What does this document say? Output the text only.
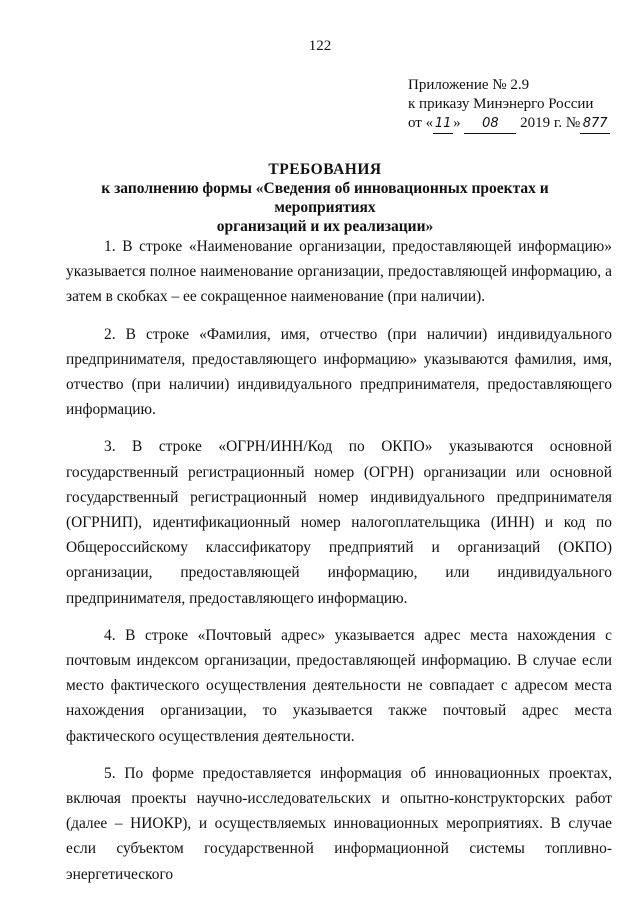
122
Приложение № 2.9
к приказу Минэнерго России
от « 11 » 08 2019 г. № 877
ТРЕБОВАНИЯ
к заполнению формы «Сведения об инновационных проектах и мероприятиях
организаций и их реализации»

1. В строке «Наименование организации, предоставляющей информацию» указывается полное наименование организации, предоставляющей информацию, а затем в скобках – ее сокращенное наименование (при наличии).

2. В строке «Фамилия, имя, отчество (при наличии) индивидуального предпринимателя, предоставляющего информацию» указываются фамилия, имя, отчество (при наличии) индивидуального предпринимателя, предоставляющего информацию.

3. В строке «ОГРН/ИНН/Код по ОКПО» указываются основной государственный регистрационный номер (ОГРН) организации или основной государственный регистрационный номер индивидуального предпринимателя (ОГРНИП), идентификационный номер налогоплательщика (ИНН) и код по Общероссийскому классификатору предприятий и организаций (ОКПО) организации, предоставляющей информацию, или индивидуального предпринимателя, предоставляющего информацию.

4. В строке «Почтовый адрес» указывается адрес места нахождения с почтовым индексом организации, предоставляющей информацию. В случае если место фактического осуществления деятельности не совпадает с адресом места нахождения организации, то указывается также почтовый адрес места фактического осуществления деятельности.

5. По форме предоставляется информация об инновационных проектах, включая проекты научно-исследовательских и опытно-конструкторских работ (далее – НИОКР), и осуществляемых инновационных мероприятиях. В случае если субъектом государственной информационной системы топливно-энергетического
